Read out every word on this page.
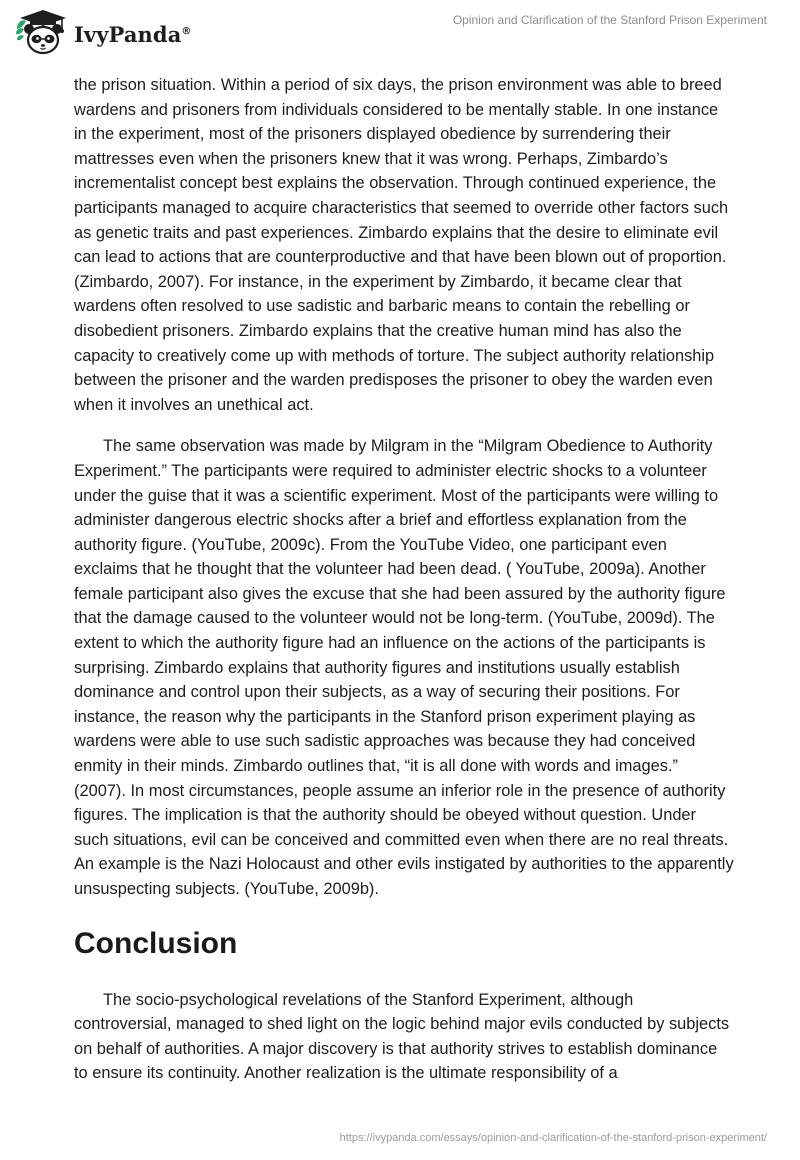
IvyPanda®
Opinion and Clarification of the Stanford Prison Experiment

the prison situation. Within a period of six days, the prison environment was able to breed wardens and prisoners from individuals considered to be mentally stable. In one instance in the experiment, most of the prisoners displayed obedience by surrendering their mattresses even when the prisoners knew that it was wrong. Perhaps, Zimbardo’s incrementalist concept best explains the observation. Through continued experience, the participants managed to acquire characteristics that seemed to override other factors such as genetic traits and past experiences. Zimbardo explains that the desire to eliminate evil can lead to actions that are counterproductive and that have been blown out of proportion. (Zimbardo, 2007). For instance, in the experiment by Zimbardo, it became clear that wardens often resolved to use sadistic and barbaric means to contain the rebelling or disobedient prisoners. Zimbardo explains that the creative human mind has also the capacity to creatively come up with methods of torture. The subject authority relationship between the prisoner and the warden predisposes the prisoner to obey the warden even when it involves an unethical act.

The same observation was made by Milgram in the “Milgram Obedience to Authority Experiment.” The participants were required to administer electric shocks to a volunteer under the guise that it was a scientific experiment. Most of the participants were willing to administer dangerous electric shocks after a brief and effortless explanation from the authority figure. (YouTube, 2009c). From the YouTube Video, one participant even exclaims that he thought that the volunteer had been dead. ( YouTube, 2009a). Another female participant also gives the excuse that she had been assured by the authority figure that the damage caused to the volunteer would not be long-term. (YouTube, 2009d). The extent to which the authority figure had an influence on the actions of the participants is surprising. Zimbardo explains that authority figures and institutions usually establish dominance and control upon their subjects, as a way of securing their positions. For instance, the reason why the participants in the Stanford prison experiment playing as wardens were able to use such sadistic approaches was because they had conceived enmity in their minds. Zimbardo outlines that, “it is all done with words and images.” (2007). In most circumstances, people assume an inferior role in the presence of authority figures. The implication is that the authority should be obeyed without question. Under such situations, evil can be conceived and committed even when there are no real threats. An example is the Nazi Holocaust and other evils instigated by authorities to the apparently unsuspecting subjects. (YouTube, 2009b).

Conclusion

The socio-psychological revelations of the Stanford Experiment, although controversial, managed to shed light on the logic behind major evils conducted by subjects on behalf of authorities. A major discovery is that authority strives to establish dominance to ensure its continuity. Another realization is the ultimate responsibility of a

https://ivypanda.com/essays/opinion-and-clarification-of-the-stanford-prison-experiment/
